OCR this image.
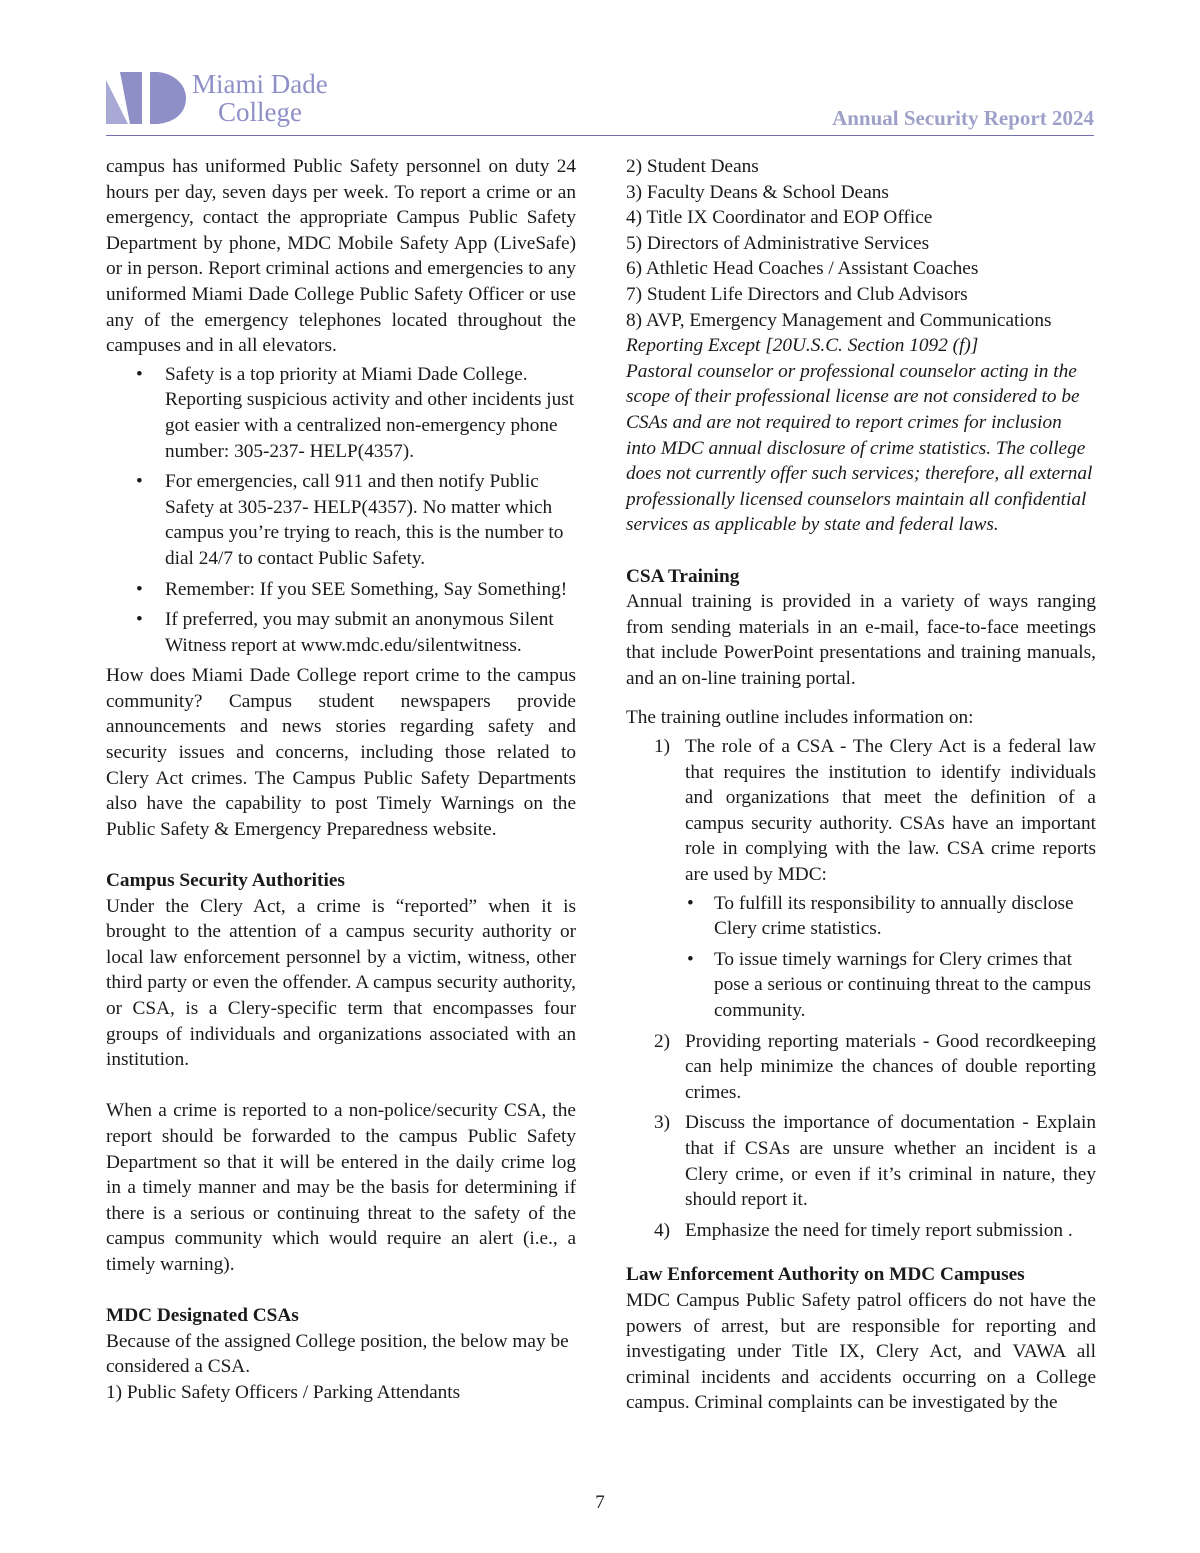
Miami Dade
College	Annual Security Report 2024

campus has uniformed Public Safety personnel on duty 24 hours per day, seven days per week. To report a crime or an emergency, contact the appropriate Campus Public Safety Department by phone, MDC Mobile Safety App (LiveSafe) or in person. Report criminal actions and emergencies to any uniformed Miami Dade College Public Safety Officer or use any of the emergency telephones located throughout the campuses and in all elevators.

• Safety is a top priority at Miami Dade College. Reporting suspicious activity and other incidents just got easier with a centralized non-emergency phone number: 305-237- HELP(4357).
• For emergencies, call 911 and then notify Public Safety at 305-237- HELP(4357). No matter which campus you’re trying to reach, this is the number to dial 24/7 to contact Public Safety.
• Remember: If you SEE Something, Say Something!
• If preferred, you may submit an anonymous Silent Witness report at www.mdc.edu/silentwitness.

How does Miami Dade College report crime to the campus community? Campus student newspapers provide announcements and news stories regarding safety and security issues and concerns, including those related to Clery Act crimes. The Campus Public Safety Departments also have the capability to post Timely Warnings on the Public Safety & Emergency Preparedness website.

Campus Security Authorities

Under the Clery Act, a crime is “reported” when it is brought to the attention of a campus security authority or local law enforcement personnel by a victim, witness, other third party or even the offender. A campus security authority, or CSA, is a Clery-specific term that encompasses four groups of individuals and organizations associated with an institution.

When a crime is reported to a non-police/security CSA, the report should be forwarded to the campus Public Safety Department so that it will be entered in the daily crime log in a timely manner and may be the basis for determining if there is a serious or continuing threat to the safety of the campus community which would require an alert (i.e., a timely warning).

MDC Designated CSAs

Because of the assigned College position, the below may be considered a CSA.

1) Public Safety Officers / Parking Attendants

2) Student Deans

3) Faculty Deans & School Deans

4) Title IX Coordinator and EOP Office

5) Directors of Administrative Services

6) Athletic Head Coaches / Assistant Coaches

7) Student Life Directors and Club Advisors

8) AVP, Emergency Management and Communications

Reporting Except [20U.S.C. Section 1092 (f)]

Pastoral counselor or professional counselor acting in the scope of their professional license are not considered to be CSAs and are not required to report crimes for inclusion into MDC annual disclosure of crime statistics. The college does not currently offer such services; therefore, all external professionally licensed counselors maintain all confidential services as applicable by state and federal laws.

CSA Training

Annual training is provided in a variety of ways ranging from sending materials in an e-mail, face-to-face meetings that include PowerPoint presentations and training manuals, and an on-line training portal.

The training outline includes information on:

1) The role of a CSA - The Clery Act is a federal law that requires the institution to identify individuals and organizations that meet the definition of a campus security authority. CSAs have an important role in complying with the law. CSA crime reports are used by MDC:
• To fulfill its responsibility to annually disclose Clery crime statistics.
• To issue timely warnings for Clery crimes that pose a serious or continuing threat to the campus community.
2) Providing reporting materials - Good recordkeeping can help minimize the chances of double reporting crimes.
3) Discuss the importance of documentation - Explain that if CSAs are unsure whether an incident is a Clery crime, or even if it’s criminal in nature, they should report it.
4) Emphasize the need for timely report submission .

Law Enforcement Authority on MDC Campuses

MDC Campus Public Safety patrol officers do not have the powers of arrest, but are responsible for reporting and investigating under Title IX, Clery Act, and VAWA all criminal incidents and accidents occurring on a College campus. Criminal complaints can be investigated by the

7
